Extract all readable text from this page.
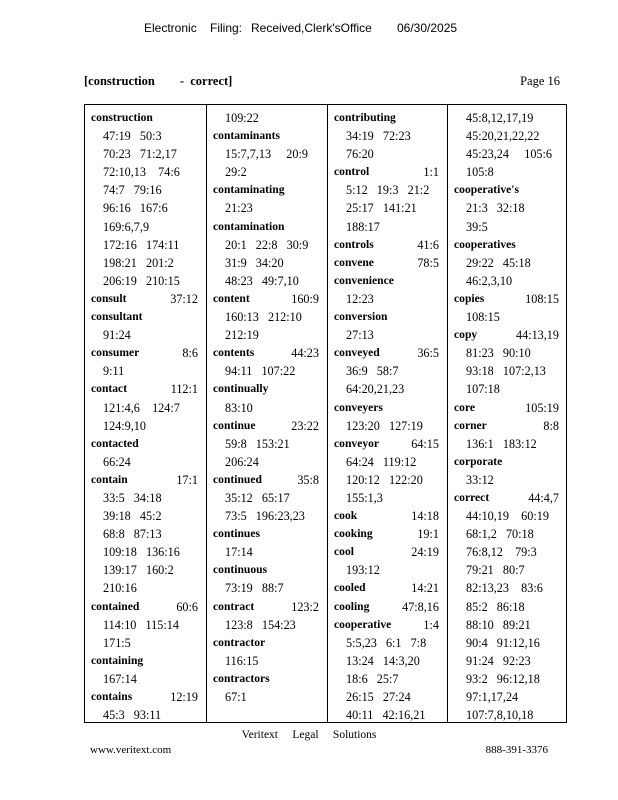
Electronic Filing: Received,Clerk'sOffice 06/30/2025
[construction        -  correct]	Page 16
construction
47:19   50:3
70:23   71:2,17
72:10,13    74:6
74:7   79:16
96:16   167:6
169:6,7,9
172:16   174:11
198:21   201:2
206:19   210:15
consult	37:12
consultant
91:24
consumer	8:6
9:11
contact	112:1
121:4,6    124:7
124:9,10
contacted
66:24
contain	17:1
33:5   34:18
39:18   45:2
68:8   87:13
109:18   136:16
139:17   160:2
210:16
contained	60:6
114:10   115:14
171:5
containing
167:14
contains	12:19
45:3   93:11
109:22
contaminants
15:7,7,13     20:9
29:2
contaminating
21:23
contamination
20:1   22:8   30:9
31:9   34:20
48:23   49:7,10
content	160:9
160:13   212:10
212:19
contents	44:23
94:11   107:22
continually
83:10
continue	23:22
59:8   153:21
206:24
continued	35:8
35:12   65:17
73:5   196:23,23
continues
17:14
continuous
73:19   88:7
contract	123:2
123:8   154:23
contractor
116:15
contractors
67:1
contributing
34:19   72:23
76:20
control	1:1
5:12   19:3   21:2
25:17   141:21
188:17
controls	41:6
convene	78:5
convenience
12:23
conversion
27:13
conveyed	36:5
36:9   58:7
64:20,21,23
conveyers
123:20   127:19
conveyor	64:15
64:24   119:12
120:12   122:20
155:1,3
cook	14:18
cooking	19:1
cool	24:19
193:12
cooled	14:21
cooling	47:8,16
cooperative	1:4
5:5,23   6:1   7:8
13:24   14:3,20
18:6   25:7
26:15   27:24
40:11   42:16,21
45:8,12,17,19
45:20,21,22,22
45:23,24     105:6
105:8
cooperative's
21:3   32:18
39:5
cooperatives
29:22   45:18
46:2,3,10
copies	108:15
108:15
copy	44:13,19
81:23   90:10
93:18   107:2,13
107:18
core	105:19
corner	8:8
136:1   183:12
corporate
33:12
correct	44:4,7
44:10,19    60:19
68:1,2   70:18
76:8,12    79:3
79:21   80:7
82:13,23    83:6
85:2   86:18
88:10   89:21
90:4   91:12,16
91:24   92:23
93:2   96:12,18
97:1,17,24
107:7,8,10,18
Veritext     Legal     Solutions
www.veritext.com	888-391-3376
